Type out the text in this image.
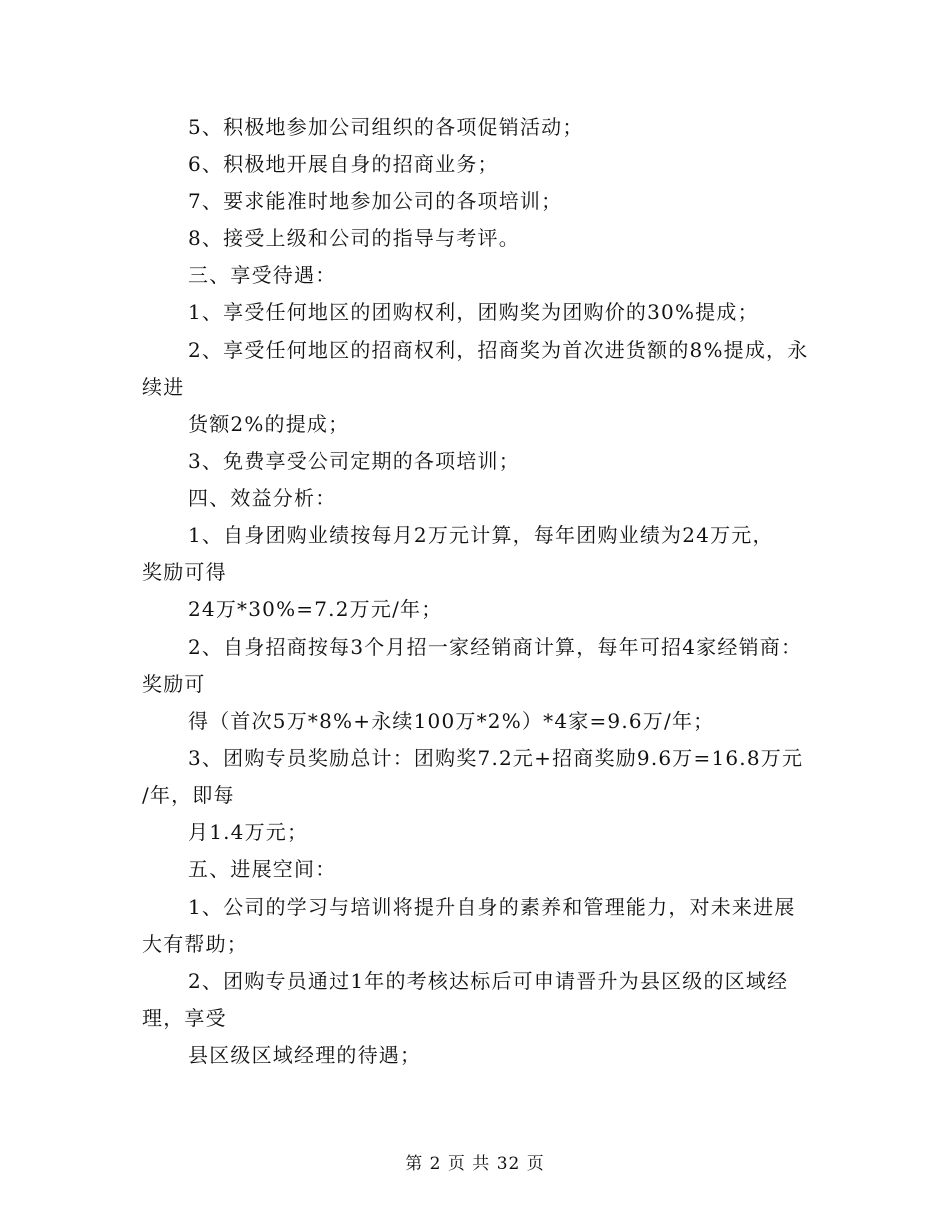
5、积极地参加公司组织的各项促销活动；
6、积极地开展自身的招商业务；
7、要求能准时地参加公司的各项培训；
8、接受上级和公司的指导与考评。
三、享受待遇：
1、享受任何地区的团购权利，团购奖为团购价的30%提成；
2、享受任何地区的招商权利，招商奖为首次进货额的8%提成，永
续进
货额2%的提成；
3、免费享受公司定期的各项培训；
四、效益分析：
1、自身团购业绩按每月2万元计算，每年团购业绩为24万元，
奖励可得
24万*30%=7.2万元/年；
2、自身招商按每3个月招一家经销商计算，每年可招4家经销商：
奖励可
得（首次5万*8%+永续100万*2%）*4家=9.6万/年；
3、团购专员奖励总计：团购奖7.2元+招商奖励9.6万=16.8万元
/年，即每
月1.4万元；
五、进展空间：
1、公司的学习与培训将提升自身的素养和管理能力，对未来进展
大有帮助；
2、团购专员通过1年的考核达标后可申请晋升为县区级的区域经
理，享受
县区级区域经理的待遇；
第 2 页 共 32 页
